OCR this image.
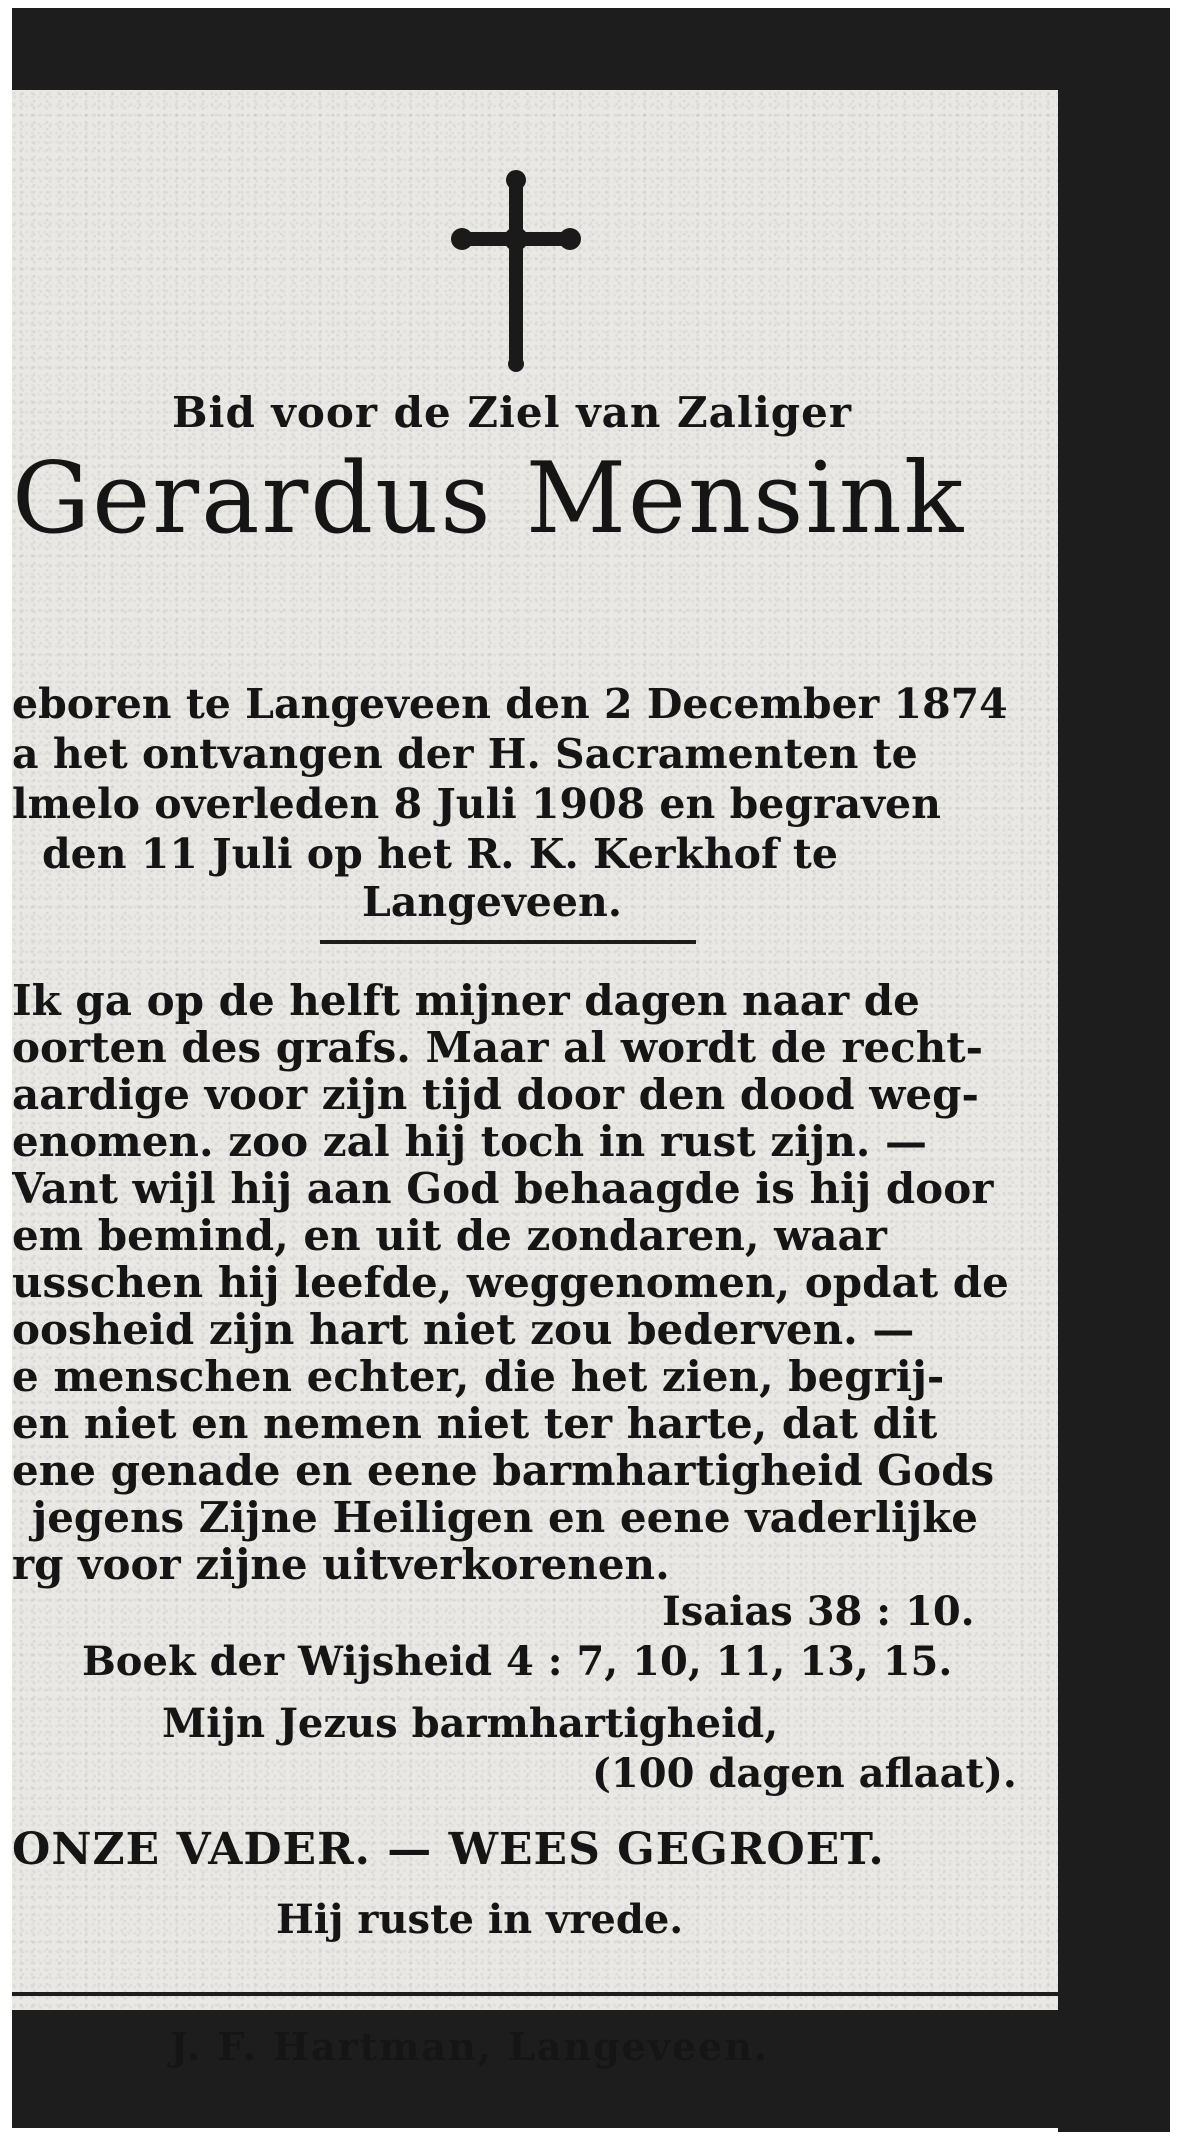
Bid voor de Ziel van Zaliger

Gerardus Mensink

eboren te Langeveen den 2 December 1874

a het ontvangen der H. Sacramenten te

lmelo overleden 8 Juli 1908 en begraven

den 11 Juli op het R. K. Kerkhof te

Langeveen.

Ik ga op de helft mijner dagen naar de

oorten des grafs. Maar al wordt de recht-

aardige voor zijn tijd door den dood weg-

enomen. zoo zal hij toch in rust zijn. —

Vant wijl hij aan God behaagde is hij door

em bemind, en uit de zondaren, waar

usschen hij leefde, weggenomen, opdat de

oosheid zijn hart niet zou bederven. —

e menschen echter, die het zien, begrij-

en niet en nemen niet ter harte, dat dit

ene genade en eene barmhartigheid Gods

jegens Zijne Heiligen en eene vaderlijke

rg voor zijne uitverkorenen.

Isaias 38 : 10.

Boek der Wijsheid 4 : 7, 10, 11, 13, 15.

Mijn Jezus barmhartigheid,

(100 dagen aflaat).

ONZE VADER. — WEES GEGROET.

Hij ruste in vrede.

J. F. Hartman, Langeveen.
